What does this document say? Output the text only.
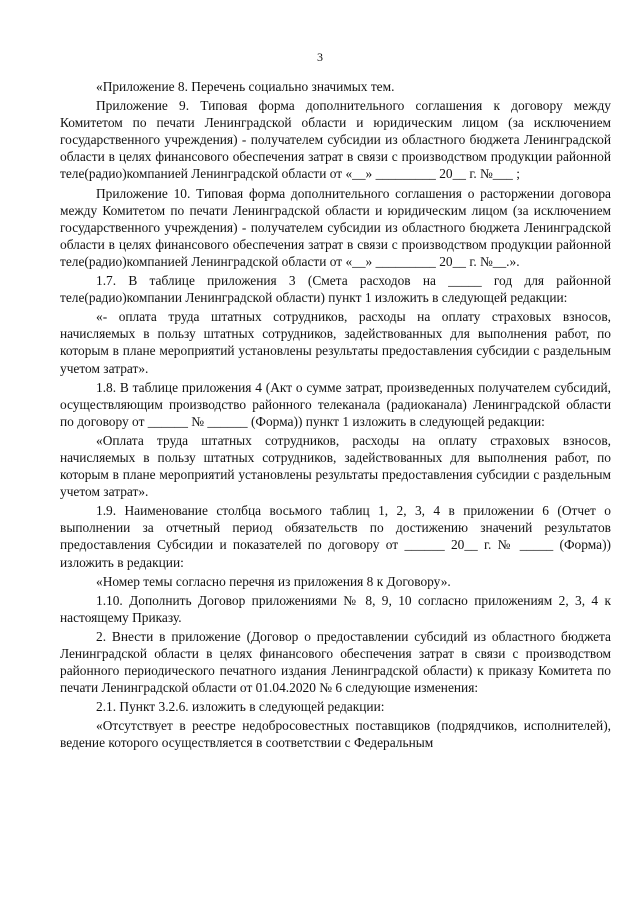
3

«Приложение 8. Перечень социально значимых тем.

Приложение 9. Типовая форма дополнительного соглашения к договору между Комитетом по печати Ленинградской области и юридическим лицом (за исключением государственного учреждения) - получателем субсидии из областного бюджета Ленинградской области в целях финансового обеспечения затрат в связи с производством продукции районной теле(радио)компанией Ленинградской области от «__» _________ 20__ г. №___ ;

Приложение 10. Типовая форма дополнительного соглашения о расторжении договора между Комитетом по печати Ленинградской области и юридическим лицом (за исключением государственного учреждения) - получателем субсидии из областного бюджета Ленинградской области в целях финансового обеспечения затрат в связи с производством продукции районной теле(радио)компанией Ленинградской области от «__» _________ 20__ г. №__.».

1.7. В таблице приложения 3 (Смета расходов на _____ год для районной теле(радио)компании Ленинградской области) пункт 1 изложить в следующей редакции:

«- оплата труда штатных сотрудников, расходы на оплату страховых взносов, начисляемых в пользу штатных сотрудников, задействованных для выполнения работ, по которым в плане мероприятий установлены результаты предоставления субсидии с раздельным учетом затрат».

1.8. В таблице приложения 4 (Акт о сумме затрат, произведенных получателем субсидий, осуществляющим производство районного телеканала (радиоканала) Ленинградской области по договору от ______ № ______ (Форма)) пункт 1 изложить в следующей редакции:

«Оплата труда штатных сотрудников, расходы на оплату страховых взносов, начисляемых в пользу штатных сотрудников, задействованных для выполнения работ, по которым в плане мероприятий установлены результаты предоставления субсидии с раздельным учетом затрат».

1.9. Наименование столбца восьмого таблиц 1, 2, 3, 4 в приложении 6 (Отчет о выполнении за отчетный период обязательств по достижению значений результатов предоставления Субсидии и показателей по договору от ______ 20__ г. № _____ (Форма)) изложить в редакции:

«Номер темы согласно перечня из приложения 8 к Договору».

1.10. Дополнить Договор приложениями № 8, 9, 10 согласно приложениям 2, 3, 4 к настоящему Приказу.

2. Внести в приложение (Договор о предоставлении субсидий из областного бюджета Ленинградской области в целях финансового обеспечения затрат в связи с производством районного периодического печатного издания Ленинградской области) к приказу Комитета по печати Ленинградской области от 01.04.2020 № 6 следующие изменения:

2.1. Пункт 3.2.6. изложить в следующей редакции:

«Отсутствует в реестре недобросовестных поставщиков (подрядчиков, исполнителей), ведение которого осуществляется в соответствии с Федеральным
